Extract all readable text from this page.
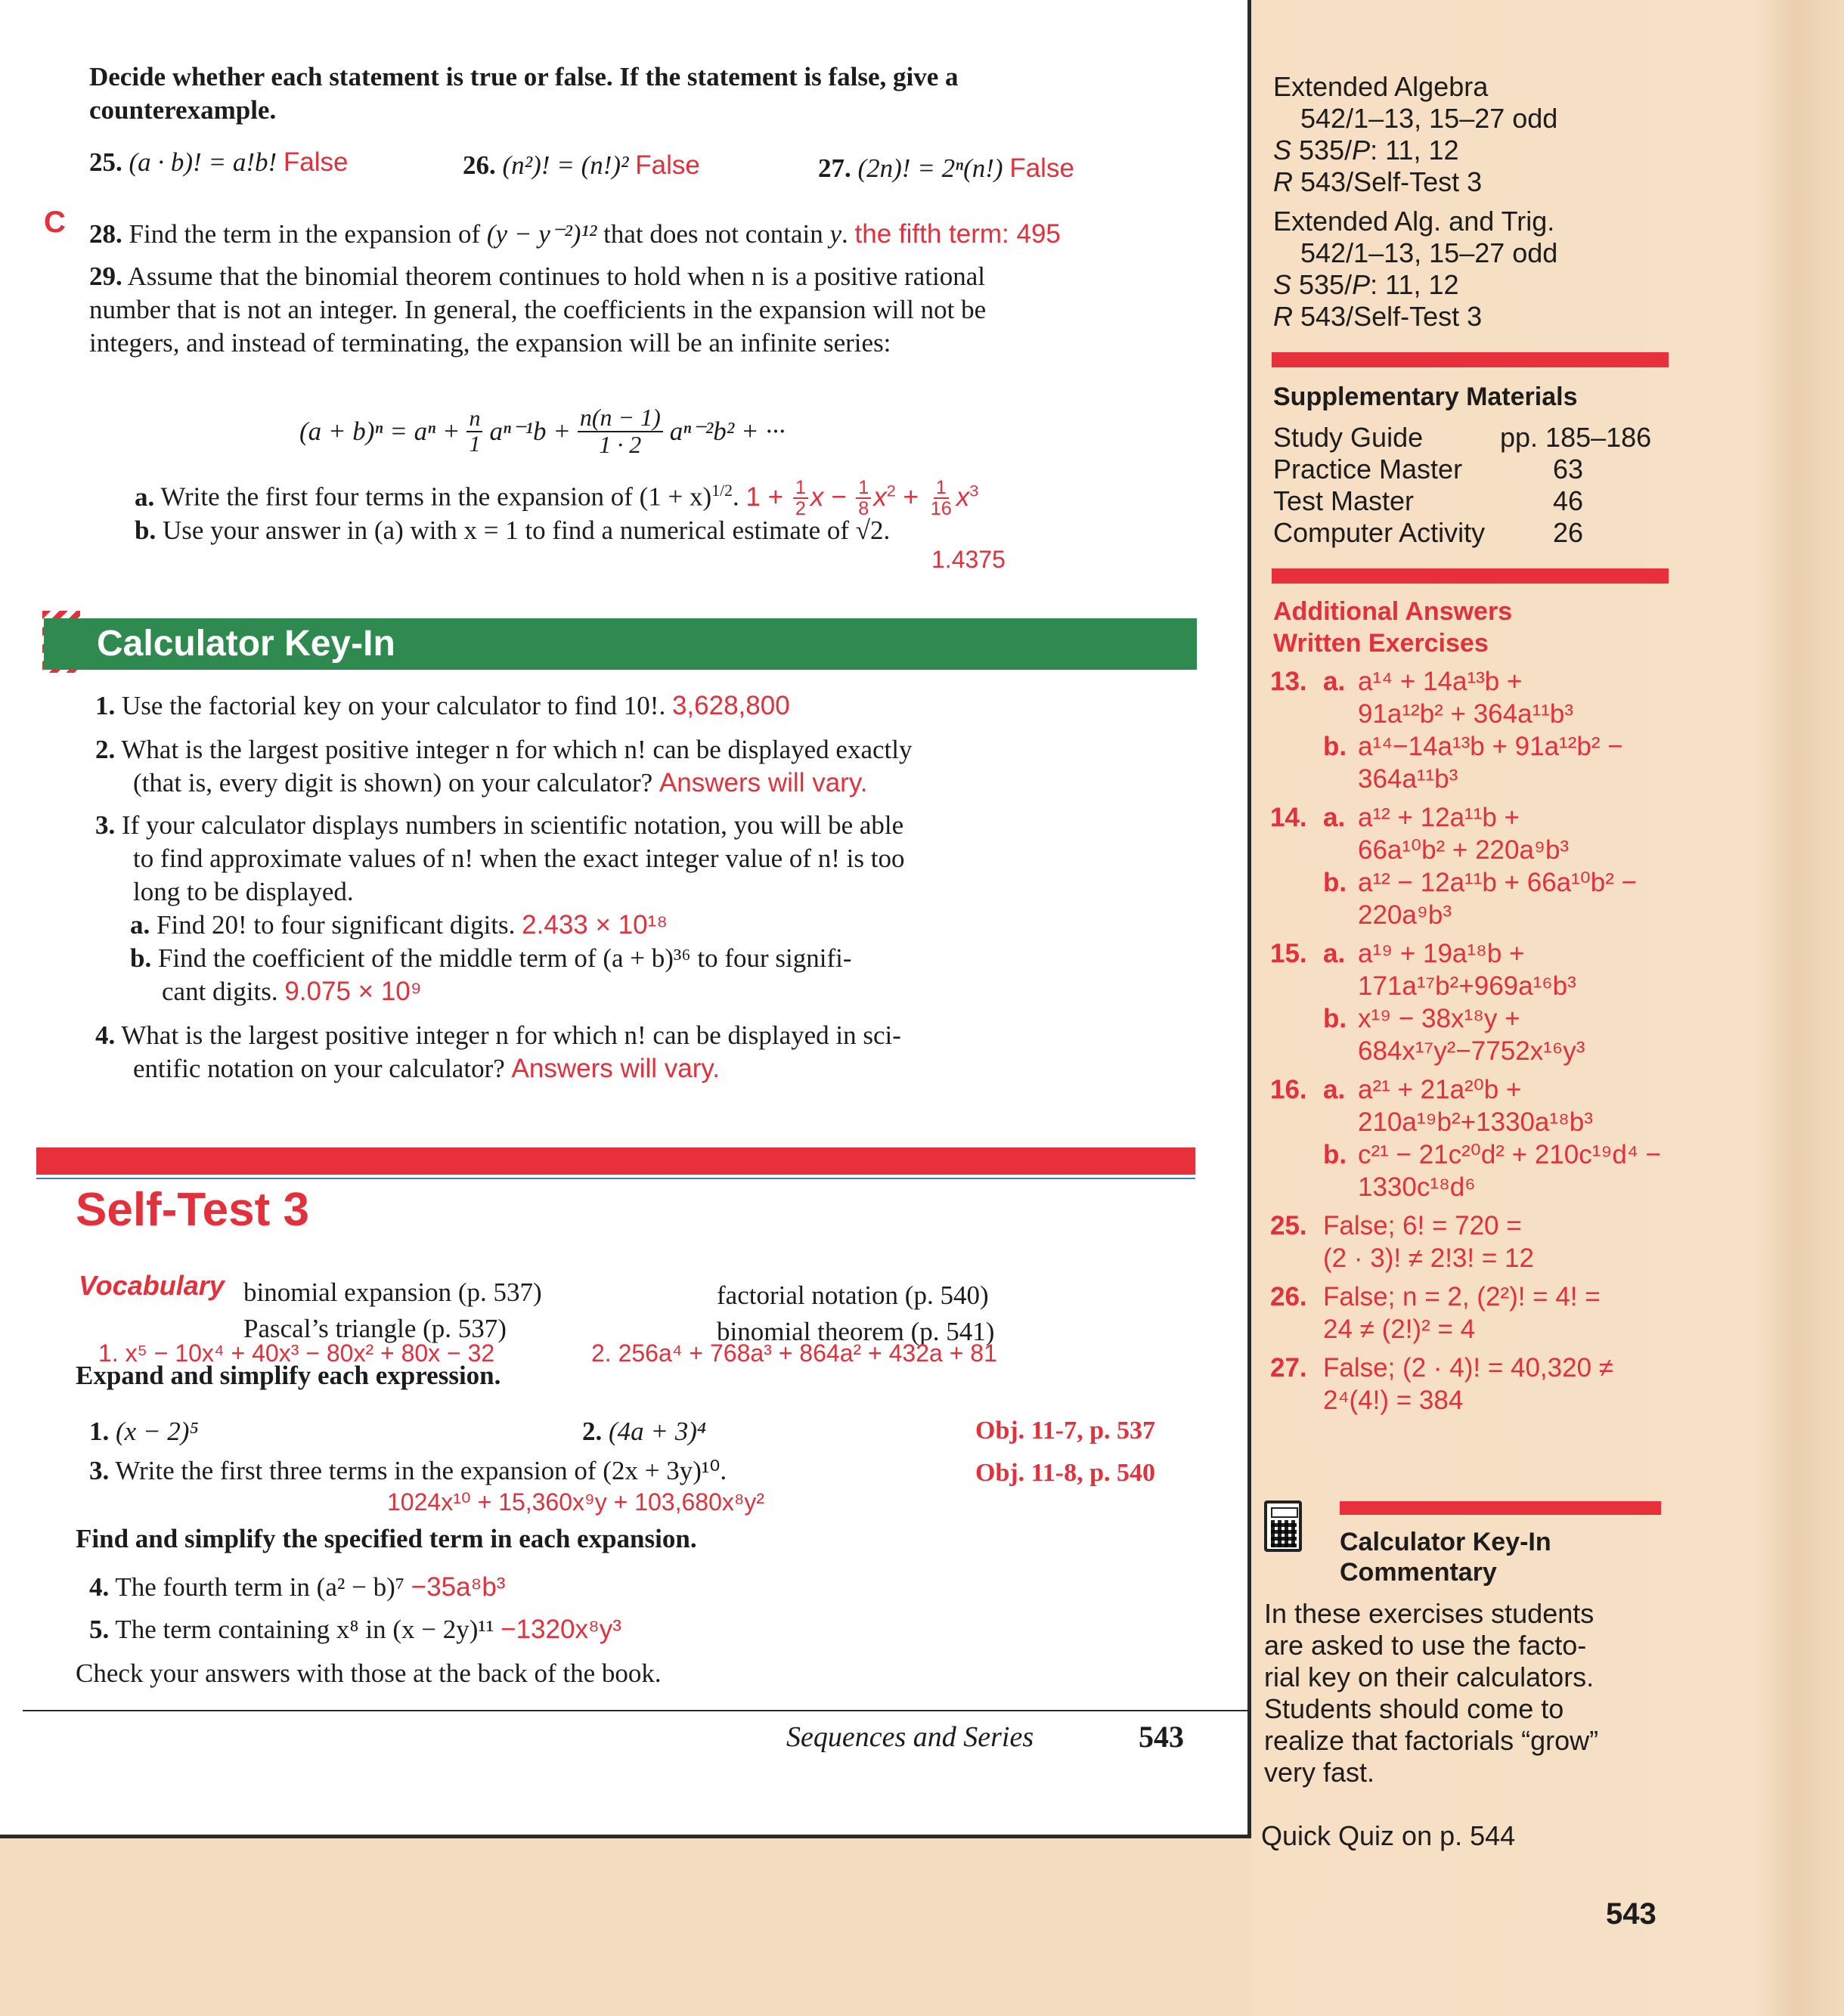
Decide whether each statement is true or false. If the statement is false, give a counterexample.
25. (a · b)! = a!b! False	26. (n²)! = (n!)² False	27. (2n)! = 2ⁿ(n!) False
C 28. Find the term in the expansion of (y − y⁻²)¹² that does not contain y. the fifth term: 495
29. Assume that the binomial theorem continues to hold when n is a positive rational number that is not an integer. In general, the coefficients in the expansion will not be integers, and instead of terminating, the expansion will be an infinite series:
$(a + b)^n = a^n + \frac{n}{1} a^{n-1}b + \frac{n(n - 1)}{1 \cdot 2} a^{n-2}b^2$ + ···
a. Write the first four terms in the expansion of $(1 + x)^{1/2}$. $1 + \frac{1}{2}$ $x - \frac{1}{8} x^2 + \frac{1}{16} x^3$
b. Use your answer in (a) with x = 1 to find a numerical estimate of √2.
1.4375
Calculator Key-In
1. Use the factorial key on your calculator to find 10!. 3,628,800
2. What is the largest positive integer n for which n! can be displayed exactly
(that is, every digit is shown) on your calculator? Answers will vary.
3. If your calculator displays numbers in scientific notation, you will be able
to find approximate values of n! when the exact integer value of n! is too
long to be displayed.
a. Find 20! to four significant digits. 2.433 × 10¹⁸
b. Find the coefficient of the middle term of (a + b)³⁶ to four signifi-
cant digits. 9.075 × 10⁹
4. What is the largest positive integer n for which n! can be displayed in sci-
entific notation on your calculator? Answers will vary.
Self-Test 3
Vocabulary binomial expansion (p. 537)	factorial notation (p. 540)
Pascal’s triangle (p. 537)	binomial theorem (p. 541)
1. x⁵ − 10x⁴ + 40x³ − 80x² + 80x − 32	2. 256a⁴ + 768a³ + 864a² + 432a + 81
Expand and simplify each expression.
1. (x − 2)⁵	2. (4a + 3)⁴	Obj. 11-7, p. 537
3. Write the first three terms in the expansion of (2x + 3y)¹⁰.	Obj. 11-8, p. 540
1024x¹⁰ + 15,360x⁹y + 103,680x⁸y²
Find and simplify the specified term in each expansion.
4. The fourth term in (a² − b)⁷ −35a⁸b³
5. The term containing x⁸ in (x − 2y)¹¹ −1320x⁸y³
Check your answers with those at the back of the book.
Sequences and Series	543
Extended Algebra
542/1–13, 15–27 odd
S 535/P: 11, 12
R 543/Self-Test 3
Extended Alg. and Trig.
542/1–13, 15–27 odd
S 535/P: 11, 12
R 543/Self-Test 3
Supplementary Materials
Study Guide	pp. 185–186
Practice Master	63
Test Master	46
Computer Activity	26
Additional Answers
Written Exercises
13. a. a¹⁴ + 14a¹³b +
91a¹²b² + 364a¹¹b³
b. a¹⁴−14a¹³b + 91a¹²b² −
364a¹¹b³
14. a. a¹² + 12a¹¹b +
66a¹⁰b² + 220a⁹b³
b. a¹² − 12a¹¹b + 66a¹⁰b² −
220a⁹b³
15. a. a¹⁹ + 19a¹⁸b +
171a¹⁷b²+969a¹⁶b³
b. x¹⁹ − 38x¹⁸y +
684x¹⁷y²−7752x¹⁶y³
16. a. a²¹ + 21a²⁰b +
210a¹⁹b²+1330a¹⁸b³
b. c²¹ − 21c²⁰d² + 210c¹⁹d⁴ −
1330c¹⁸d⁶
25. False; 6! = 720 =
(2 · 3)! ≠ 2!3! = 12
26. False; n = 2, (2²)! = 4! =
24 ≠ (2!)² = 4
27. False; (2 · 4)! = 40,320 ≠
2⁴(4!) = 384
Calculator Key-In
Commentary
In these exercises students
are asked to use the facto-
rial key on their calculators.
Students should come to
realize that factorials “grow”
very fast.
Quick Quiz on p. 544
543
